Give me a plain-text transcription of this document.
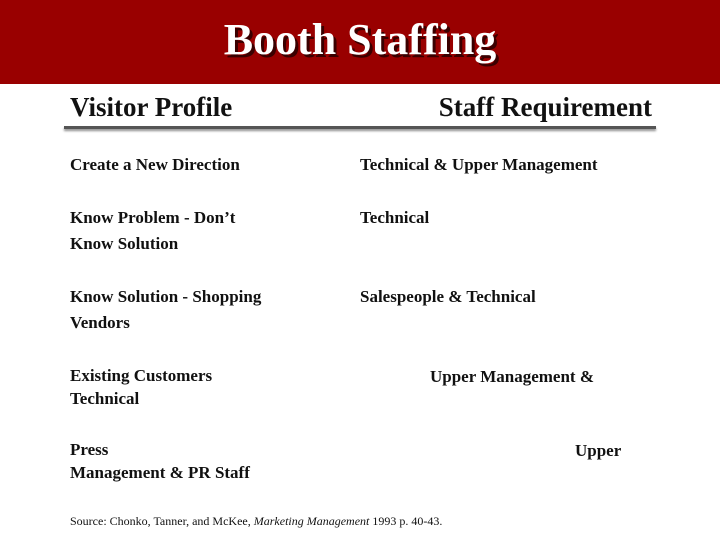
Booth Staffing
Visitor Profile	Staff Requirement
Create a New Direction	Technical & Upper Management
Know Problem - Don’t
Know Solution
Technical
Know Solution - Shopping
Vendors
Salespeople & Technical
Existing Customers
Technical
Upper Management &
Press
Management & PR Staff
Upper
Source: Chonko, Tanner, and McKee, Marketing Management 1993 p. 40-43.
